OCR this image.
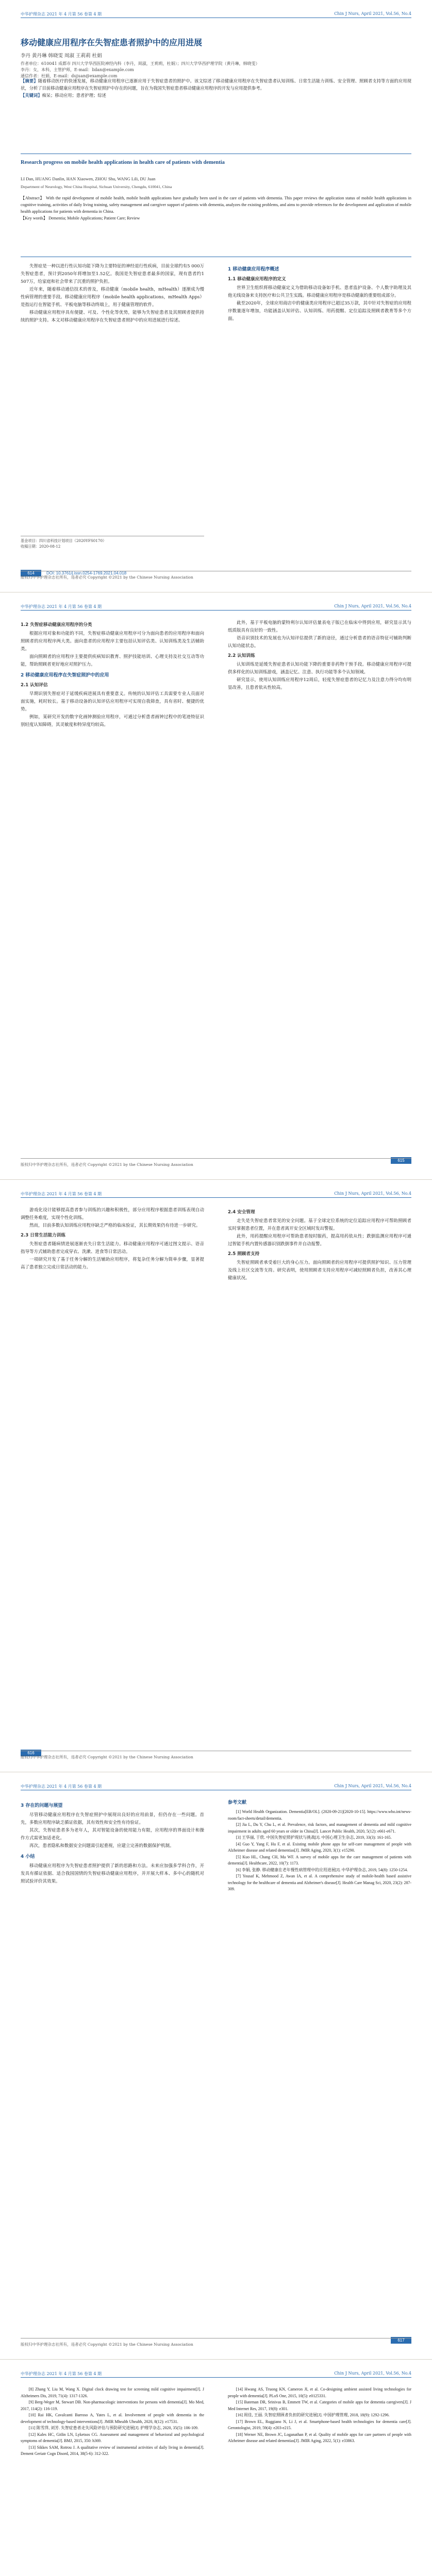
中华护理杂志 2021 年 4 月第 56 卷第 4 期	Chin J Nurs, April 2021, Vol.56, No.4
移动健康应用程序在失智症患者照护中的应用进展
李丹 黄丹琳 韩晓雯 周淑 王莉莉 杜娟
作者单位：610041 成都市 四川大学华西医院神经内科（李丹，周淑，王莉莉，杜娟）；四川大学华西护理学院（黄丹琳，韩晓雯）
李丹：女，本科，主管护师，E-mail：lidan@example.com
通信作者：杜娟，E-mail：dujuan@example.com
【摘要】随着移动医疗的快速发展，移动健康应用程序已逐渐应用于失智症患者的照护中。该文综述了移动健康应用程序在失智症患者认知训练、日常生活能力训练、安全管理、照顾者支持等方面的应用现状，分析了目前移动健康应用程序在失智症照护中存在的问题，旨在为我国失智症患者移动健康应用程序的开发与应用提供参考。
【关键词】痴呆；移动应用；患者护理；综述
Research progress on mobile health applications in health care of patients with dementia
LI Dan, HUANG Danlin, HAN Xiaowen, ZHOU Shu, WANG Lili, DU Juan
Department of Neurology, West China Hospital, Sichuan University, Chengdu, 610041, China
【Abstract】 With the rapid development of mobile health, mobile health applications have gradually been used in the care of patients with dementia. This paper reviews the application status of mobile health applications in cognitive training, activities of daily living training, safety management and caregiver support of patients with dementia, analyzes the existing problems, and aims to provide references for the development and application of mobile health applications for patients with dementia in China.
【Key words】 Dementia; Mobile Applications; Patient Care; Review

失智症是一种以进行性认知功能下降为主要特征的神经退行性疾病，目前全球约有5 000万失智症患者，预计到2050年将增加至1.52亿。我国是失智症患者最多的国家，现有患者约1 507万，给家庭和社会带来了沉重的照护负担。

近年来，随着移动通信技术的普及，移动健康（mobile health，mHealth）逐渐成为慢性病管理的重要手段。移动健康应用程序（mobile health applications，mHealth Apps）是指运行在智能手机、平板电脑等移动终端上，用于健康管理的软件。

移动健康应用程序具有便捷、可及、个性化等优势，能够为失智症患者及其照顾者提供持续的照护支持。本文对移动健康应用程序在失智症患者照护中的应用进展进行综述。

1 移动健康应用程序概述
1.1 移动健康应用程序的定义

世界卫生组织将移动健康定义为借助移动设备如手机、患者监护设备、个人数字助理及其他无线设备来支持医疗和公共卫生实践。移动健康应用程序是移动健康的重要组成部分。

截至2020年，全球应用商店中的健康类应用程序已超过35万款，其中针对失智症的应用程序数量逐年增加，功能涵盖认知评估、认知训练、用药提醒、定位追踪及照顾者教育等多个方面。

基金项目：四川省科技计划项目（2020YFS0170）
收稿日期：2020-08-12
614	DOI: 10.3761/j.issn.0254-1769.2021.04.018
版权归中华护理杂志社所有，违者必究 Copyright ©2021 by the Chinese Nursing Association
中华护理杂志 2021 年 4 月第 56 卷第 4 期	Chin J Nurs, April 2021, Vol.56, No.4
1.2 失智症移动健康应用程序的分类

根据应用对象和功能的不同，失智症移动健康应用程序可分为面向患者的应用程序和面向照顾者的应用程序两大类。面向患者的应用程序主要包括认知评估类、认知训练类及生活辅助类。

面向照顾者的应用程序主要提供疾病知识教育、照护技能培训、心理支持及社交互动等功能，帮助照顾者更好地应对照护压力。

2 移动健康应用程序在失智症照护中的应用
2.1 认知评估

早期识别失智症对于延缓疾病进展具有重要意义。传统的认知评估工具需要专业人员面对面实施，耗时较长。基于移动设备的认知评估应用程序可实现自我筛查，具有省时、便捷的优势。

例如，某研究开发的数字化画钟测验应用程序，可通过分析患者画钟过程中的笔迹特征识别轻度认知障碍，其灵敏度和特异度均较高。

此外，基于平板电脑的蒙特利尔认知评估量表电子版已在临床中得到应用，研究显示其与纸质版具有良好的一致性。

语音识别技术的发展也为认知评估提供了新的途径，通过分析患者的语音特征可辅助判断认知功能状态。

2.2 认知训练

认知训练是延缓失智症患者认知功能下降的重要非药物干预手段。移动健康应用程序可提供多样化的认知训练游戏，涵盖记忆、注意、执行功能等多个认知领域。

研究显示，使用认知训练应用程序12周后，轻度失智症患者的记忆力及注意力得分均有明显改善，且患者依从性较高。

615
版权归中华护理杂志社所有，违者必究 Copyright ©2021 by the Chinese Nursing Association
中华护理杂志 2021 年 4 月第 56 卷第 4 期	Chin J Nurs, April 2021, Vol.56, No.4

游戏化设计能够提高患者参与训练的兴趣和积极性，部分应用程序根据患者训练表现自动调整任务难度，实现个性化训练。

然而，目前多数认知训练应用程序缺乏严格的临床验证，其长期效果仍有待进一步研究。

2.3 日常生活能力训练

失智症患者随病情进展逐渐丧失日常生活能力。移动健康应用程序可通过图文提示、语音指导等方式辅助患者完成穿衣、洗漱、进食等日常活动。

一项研究开发了基于任务分解的生活辅助应用程序，将复杂任务分解为简单步骤，显著提高了患者独立完成日常活动的能力。

2.4 安全管理

走失是失智症患者常见的安全问题。基于全球定位系统的定位追踪应用程序可帮助照顾者实时掌握患者位置，并在患者离开安全区域时发出警报。

此外，用药提醒应用程序可帮助患者按时服药，提高用药依从性；跌倒监测应用程序可通过智能手机内置传感器识别跌倒事件并自动报警。

2.5 照顾者支持

失智症照顾者承受着巨大的身心压力。面向照顾者的应用程序可提供照护知识、压力管理及线上社区交流等支持。研究表明，使用照顾者支持应用程序可减轻照顾者负担，改善其心理健康状况。

616
版权归中华护理杂志社所有，违者必究 Copyright ©2021 by the Chinese Nursing Association
中华护理杂志 2021 年 4 月第 56 卷第 4 期	Chin J Nurs, April 2021, Vol.56, No.4
3 存在的问题与展望

尽管移动健康应用程序在失智症照护中展现出良好的应用前景，但仍存在一些问题。首先，多数应用程序缺乏循证依据，其有效性和安全性有待验证。

其次，失智症患者多为老年人，其对智能设备的使用能力有限，应用程序的界面设计和操作方式需更加适老化。

再次，患者隐私和数据安全问题需引起重视，应建立完善的数据保护机制。

4 小结

移动健康应用程序为失智症患者照护提供了新的思路和方法。未来应加强多学科合作，开发具有循证依据、适合我国国情的失智症移动健康应用程序，并开展大样本、多中心的随机对照试验评价其效果。

参考文献

[1] World Health Organization. Dementia[EB/OL]. (2020-09-21)[2020-10-15]. https://www.who.int/news-room/fact-sheets/detail/dementia.

[2] Jia L, Du Y, Chu L, et al. Prevalence, risk factors, and management of dementia and mild cognitive impairment in adults aged 60 years or older in China[J]. Lancet Public Health, 2020, 5(12): e661-e671.

[3] 王华丽, 于欣. 中国失智症照护现状与挑战[J]. 中国心理卫生杂志, 2019, 33(3): 161-165.

[4] Guo Y, Yang F, Hu F, et al. Existing mobile phone apps for self-care management of people with Alzheimer disease and related dementias[J]. JMIR Aging, 2020, 3(1): e15290.

[5] Kuo HL, Chang CH, Ma WF. A survey of mobile apps for the care management of patients with dementia[J]. Healthcare, 2022, 10(7): 1173.

[6] 李娟, 张静. 移动健康在老年慢性病管理中的应用进展[J]. 中华护理杂志, 2019, 54(8): 1250-1254.

[7] Yousaf K, Mehmood Z, Awan IA, et al. A comprehensive study of mobile-health based assistive technology for the healthcare of dementia and Alzheimer's disease[J]. Health Care Manag Sci, 2020, 23(2): 287-309.

617
版权归中华护理杂志社所有，违者必究 Copyright ©2021 by the Chinese Nursing Association
中华护理杂志 2021 年 4 月第 56 卷第 4 期	Chin J Nurs, April 2021, Vol.56, No.4

[8] Zhang Y, Liu M, Wang X. Digital clock drawing test for screening mild cognitive impairment[J]. J Alzheimers Dis, 2019, 71(4): 1317-1326.

[9] Berg-Weger M, Stewart DB. Non-pharmacologic interventions for persons with dementia[J]. Mo Med, 2017, 114(2): 116-119.

[10] Rai HK, Cavalcanti Barroso A, Yates L, et al. Involvement of people with dementia in the development of technology-based interventions[J]. JMIR Mhealth Uhealth, 2020, 8(12): e17531.

[11] 陈雪萍, 刘芳. 失智症患者走失风险评估与预防研究进展[J]. 护理学杂志, 2020, 35(5): 106-109.

[12] Kales HC, Gitlin LN, Lyketsos CG. Assessment and management of behavioral and psychological symptoms of dementia[J]. BMJ, 2015, 350: h369.

[13] Sikkes SAM, Rotrou J. A qualitative review of instrumental activities of daily living in dementia[J]. Dement Geriatr Cogn Disord, 2014, 38(5-6): 312-322.

[14] Hwang AS, Truong KN, Cameron JI, et al. Co-designing ambient assisted living technologies for people with dementia[J]. PLoS One, 2015, 10(5): e0125331.

[15] Bateman DR, Srinivas B, Emmett TW, et al. Categories of mobile apps for dementia caregivers[J]. J Med Internet Res, 2017, 19(8): e301.

[16] 周佳, 王丽. 失智症照顾者负担的研究进展[J]. 中国护理管理, 2018, 18(9): 1292-1296.

[17] Brown EL, Ruggiano N, Li J, et al. Smartphone-based health technologies for dementia care[J]. Gerontologist, 2019, 59(4): e203-e215.

[18] Werner NE, Brown JC, Loganathan P, et al. Quality of mobile apps for care partners of people with Alzheimer disease and related dementias[J]. JMIR Aging, 2022, 5(1): e33863.
